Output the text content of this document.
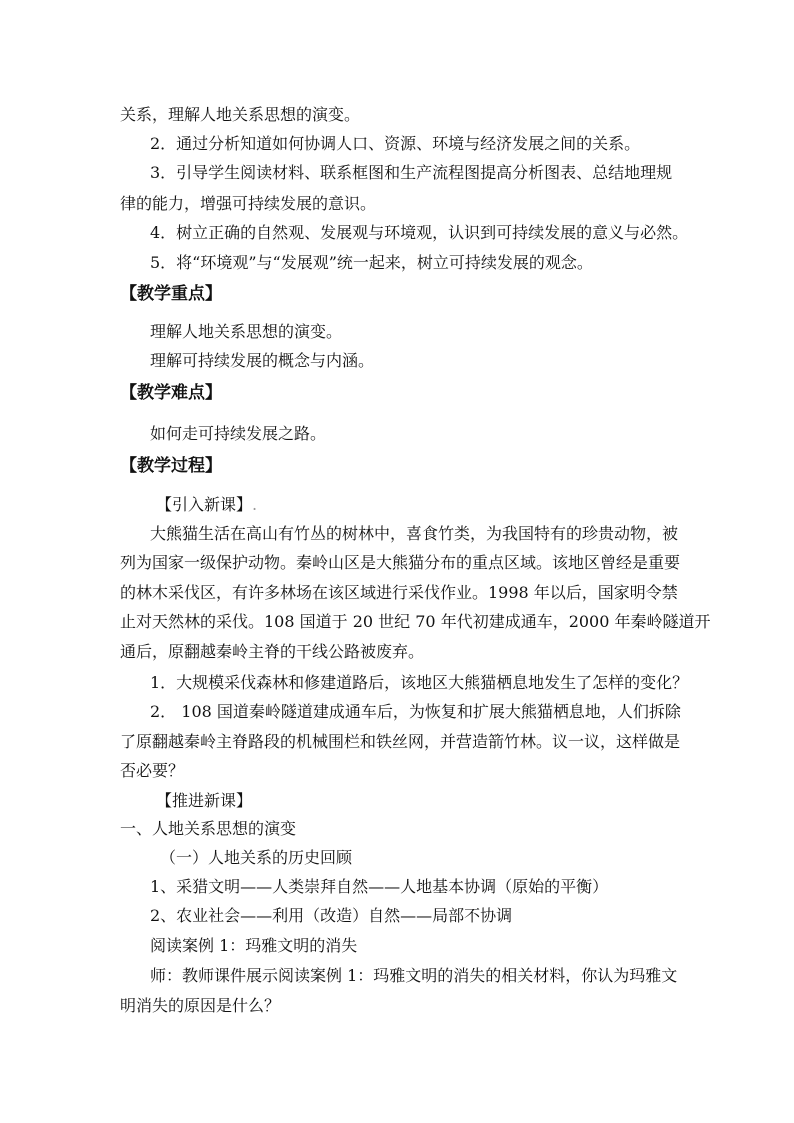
关系，理解人地关系思想的演变。
2．通过分析知道如何协调人口、资源、环境与经济发展之间的关系。
3．引导学生阅读材料、联系框图和生产流程图提高分析图表、总结地理规
律的能力，增强可持续发展的意识。
4．树立正确的自然观、发展观与环境观，认识到可持续发展的意义与必然。
5．将“环境观”与“发展观”统一起来，树立可持续发展的观念。
【教学重点】
理解人地关系思想的演变。
理解可持续发展的概念与内涵。
【教学难点】
如何走可持续发展之路。
【教学过程】
【引入新课】.
大熊猫生活在高山有竹丛的树林中，喜食竹类，为我国特有的珍贵动物，被
列为国家一级保护动物。秦岭山区是大熊猫分布的重点区域。该地区曾经是重要
的林木采伐区，有许多林场在该区域进行采伐作业。1998 年以后，国家明令禁
止对天然林的采伐。108 国道于 20 世纪 70 年代初建成通车，2000 年秦岭隧道开
通后，原翻越秦岭主脊的干线公路被废弃。
1．大规模采伐森林和修建道路后，该地区大熊猫栖息地发生了怎样的变化？
2． 108 国道秦岭隧道建成通车后，为恢复和扩展大熊猫栖息地，人们拆除
了原翻越秦岭主脊路段的机械围栏和铁丝网，并营造箭竹林。议一议，这样做是
否必要？
【推进新课】
一、人地关系思想的演变
（一）人地关系的历史回顾
1、采猎文明——人类崇拜自然——人地基本协调（原始的平衡）
2、农业社会——利用（改造）自然——局部不协调
阅读案例 1：玛雅文明的消失
师：教师课件展示阅读案例 1：玛雅文明的消失的相关材料，你认为玛雅文
明消失的原因是什么？
